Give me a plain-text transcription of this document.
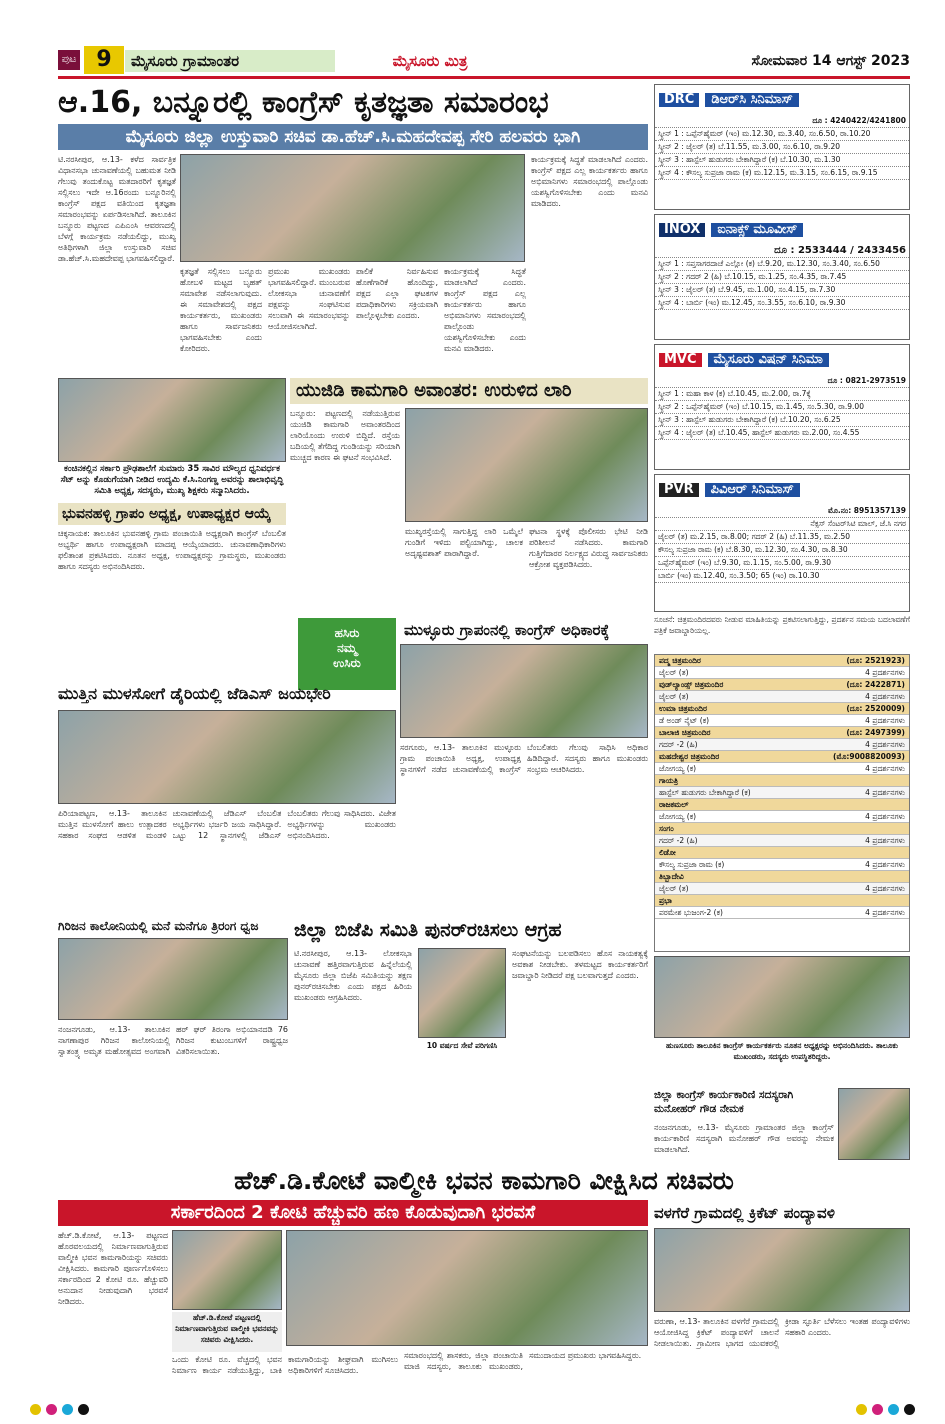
ಪುಟ 9	ಮೈಸೂರು ಗ್ರಾಮಾಂತರ	ಮೈಸೂರು ಮಿತ್ರ	ಸೋಮವಾರ 14 ಆಗಸ್ಟ್ 2023
ಆ.16, ಬನ್ನೂರಲ್ಲಿ ಕಾಂಗ್ರೆಸ್ ಕೃತಜ್ಞತಾ ಸಮಾರಂಭ
ಮೈಸೂರು ಜಿಲ್ಲಾ ಉಸ್ತುವಾರಿ ಸಚಿವ ಡಾ.ಹೆಚ್.ಸಿ.ಮಹದೇವಪ್ಪ ಸೇರಿ ಹಲವರು ಭಾಗಿ
ಟಿ.ನರಸೀಪುರ, ಆ.13- ಕಳೆದ ಸಾರ್ವತ್ರಿಕ ವಿಧಾನಸಭಾ ಚುನಾವಣೆಯಲ್ಲಿ ಬಹುಮತ ನೀಡಿ ಗೆಲುವು ತಂದುಕೊಟ್ಟ ಮತದಾರರಿಗೆ ಕೃತಜ್ಞತೆ ಸಲ್ಲಿಸಲು ಇದೇ ಆ.16ರಂದು ಬನ್ನೂರಿನಲ್ಲಿ ಕಾಂಗ್ರೆಸ್ ಪಕ್ಷದ ವತಿಯಿಂದ ಕೃತಜ್ಞತಾ ಸಮಾರಂಭವನ್ನು ಏರ್ಪಡಿಸಲಾಗಿದೆ. ತಾಲೂಕಿನ ಬನ್ನೂರು ಪಟ್ಟಣದ ಎಪಿಎಂಸಿ ಆವರಣದಲ್ಲಿ ಬೆಳಗ್ಗೆ ಕಾರ್ಯಕ್ರಮ ನಡೆಯಲಿದ್ದು, ಮುಖ್ಯ ಅತಿಥಿಗಳಾಗಿ ಜಿಲ್ಲಾ ಉಸ್ತುವಾರಿ ಸಚಿವ ಡಾ.ಹೆಚ್.ಸಿ.ಮಹದೇವಪ್ಪ ಭಾಗವಹಿಸಲಿದ್ದಾರೆ.
ಕೃತಜ್ಞತೆ ಸಲ್ಲಿಸಲು ಬನ್ನೂರು ಹೋಬಳಿ ಮಟ್ಟದ ಬೃಹತ್ ಸಮಾವೇಶ ನಡೆಸಲಾಗುವುದು. ಈ ಸಮಾವೇಶದಲ್ಲಿ ಪಕ್ಷದ ಕಾರ್ಯಕರ್ತರು, ಮುಖಂಡರು ಹಾಗೂ ಸಾರ್ವಜನಿಕರು ಭಾಗವಹಿಸಬೇಕು ಎಂದು ಕೋರಿದರು.
ಪ್ರಮುಖ ಮುಖಂಡರು ಭಾಗವಹಿಸಲಿದ್ದಾರೆ. ಮುಂಬರುವ ಲೋಕಸಭಾ ಚುನಾವಣೆಗೆ ಪಕ್ಷವನ್ನು ಸಂಘಟಿಸುವ ಸಲುವಾಗಿ ಈ ಸಮಾರಂಭವನ್ನು ಆಯೋಜಿಸಲಾಗಿದೆ.
ಪಾಲಿಕೆ ನಿರ್ವಹಿಸುವ ಹೊಣೆಗಾರಿಕೆ ಹೊಂದಿದ್ದು, ಪಕ್ಷದ ಎಲ್ಲಾ ಘಟಕಗಳ ಪದಾಧಿಕಾರಿಗಳು ಸಕ್ರಿಯವಾಗಿ ಪಾಲ್ಗೊಳ್ಳಬೇಕು ಎಂದರು.
ಕಾರ್ಯಕ್ರಮಕ್ಕೆ ಸಿದ್ಧತೆ ಮಾಡಲಾಗಿದೆ ಎಂದರು. ಕಾಂಗ್ರೆಸ್ ಪಕ್ಷದ ಎಲ್ಲ ಕಾರ್ಯಕರ್ತರು ಹಾಗೂ ಅಭಿಮಾನಿಗಳು ಸಮಾರಂಭದಲ್ಲಿ ಪಾಲ್ಗೊಂಡು ಯಶಸ್ವಿಗೊಳಿಸಬೇಕು ಎಂದು ಮನವಿ ಮಾಡಿದರು.
ಕಾರ್ಯಕ್ರಮಕ್ಕೆ ಸಿದ್ಧತೆ ಮಾಡಲಾಗಿದೆ ಎಂದರು. ಕಾಂಗ್ರೆಸ್ ಪಕ್ಷದ ಎಲ್ಲ ಕಾರ್ಯಕರ್ತರು ಹಾಗೂ ಅಭಿಮಾನಿಗಳು ಸಮಾರಂಭದಲ್ಲಿ ಪಾಲ್ಗೊಂಡು ಯಶಸ್ವಿಗೊಳಿಸಬೇಕು ಎಂದು ಮನವಿ ಮಾಡಿದರು.
ಕಂಚಿನಕಲ್ಲಿನ ಸರ್ಕಾರಿ ಪ್ರೌಢಶಾಲೆಗೆ ಸುಮಾರು 35 ಸಾವಿರ ಮೌಲ್ಯದ ಧ್ವನಿವರ್ಧಕ ಸೆಟ್ ಅನ್ನು ಕೊಡುಗೆಯಾಗಿ ನೀಡಿದ ಉದ್ಯಮಿ ಕೆ.ಸಿ.ನಿಂಗಣ್ಣ ಅವರನ್ನು ಶಾಲಾಭಿವೃದ್ಧಿ ಸಮಿತಿ ಅಧ್ಯಕ್ಷ, ಸದಸ್ಯರು, ಮುಖ್ಯ ಶಿಕ್ಷಕರು ಸನ್ಮಾನಿಸಿದರು.
ಯುಜಿಡಿ ಕಾಮಗಾರಿ ಅವಾಂತರ: ಉರುಳಿದ ಲಾರಿ
ಬನ್ನೂರು: ಪಟ್ಟಣದಲ್ಲಿ ನಡೆಯುತ್ತಿರುವ ಯುಜಿಡಿ ಕಾಮಗಾರಿ ಅವಾಂತರದಿಂದ ಲಾರಿಯೊಂದು ಉರುಳಿ ಬಿದ್ದಿದೆ. ರಸ್ತೆಯ ಬದಿಯಲ್ಲಿ ತೆಗೆದಿದ್ದ ಗುಂಡಿಯನ್ನು ಸರಿಯಾಗಿ ಮುಚ್ಚದ ಕಾರಣ ಈ ಘಟನೆ ಸಂಭವಿಸಿದೆ.
ಮುಖ್ಯರಸ್ತೆಯಲ್ಲಿ ಸಾಗುತ್ತಿದ್ದ ಲಾರಿ ಒಮ್ಮೆಲೆ ಗುಂಡಿಗೆ ಇಳಿದು ಪಲ್ಟಿಯಾಗಿದ್ದು, ಚಾಲಕ ಅದೃಷ್ಟವಶಾತ್ ಪಾರಾಗಿದ್ದಾರೆ.
ಘಟನಾ ಸ್ಥಳಕ್ಕೆ ಪೊಲೀಸರು ಭೇಟಿ ನೀಡಿ ಪರಿಶೀಲನೆ ನಡೆಸಿದರು. ಕಾಮಗಾರಿ ಗುತ್ತಿಗೆದಾರರ ನಿರ್ಲಕ್ಷ್ಯದ ವಿರುದ್ಧ ಸಾರ್ವಜನಿಕರು ಆಕ್ರೋಶ ವ್ಯಕ್ತಪಡಿಸಿದರು.
ಭುವನಹಳ್ಳಿ ಗ್ರಾಪಂ ಅಧ್ಯಕ್ಷ, ಉಪಾಧ್ಯಕ್ಷರ ಆಯ್ಕೆ
ಚಿಕ್ಕನಾಯಕ: ತಾಲೂಕಿನ ಭುವನಹಳ್ಳಿ ಗ್ರಾಮ ಪಂಚಾಯಿತಿ ಅಧ್ಯಕ್ಷರಾಗಿ ಕಾಂಗ್ರೆಸ್ ಬೆಂಬಲಿತ ಅಭ್ಯರ್ಥಿ ಹಾಗೂ ಉಪಾಧ್ಯಕ್ಷರಾಗಿ ಮಾದಪ್ಪ ಆಯ್ಕೆಯಾದರು. ಚುನಾವಣಾಧಿಕಾರಿಗಳು ಫಲಿತಾಂಶ ಪ್ರಕಟಿಸಿದರು. ನೂತನ ಅಧ್ಯಕ್ಷ, ಉಪಾಧ್ಯಕ್ಷರನ್ನು ಗ್ರಾಮಸ್ಥರು, ಮುಖಂಡರು ಹಾಗೂ ಸದಸ್ಯರು ಅಭಿನಂದಿಸಿದರು.
ಹಸಿರು
ನಮ್ಮ
ಉಸಿರು
ಮುಳ್ಳೂರು ಗ್ರಾಪಂನಲ್ಲಿ ಕಾಂಗ್ರೆಸ್ ಅಧಿಕಾರಕ್ಕೆ
ಸರಗೂರು, ಆ.13- ತಾಲೂಕಿನ ಮುಳ್ಳೂರು ಗ್ರಾಮ ಪಂಚಾಯಿತಿ ಅಧ್ಯಕ್ಷ, ಉಪಾಧ್ಯಕ್ಷ ಸ್ಥಾನಗಳಿಗೆ ನಡೆದ ಚುನಾವಣೆಯಲ್ಲಿ ಕಾಂಗ್ರೆಸ್ ಬೆಂಬಲಿತರು ಗೆಲುವು ಸಾಧಿಸಿ ಅಧಿಕಾರ ಹಿಡಿದಿದ್ದಾರೆ. ಸದಸ್ಯರು ಹಾಗೂ ಮುಖಂಡರು ಸಂಭ್ರಮ ಆಚರಿಸಿದರು.
ಮುತ್ತಿನ ಮುಳಸೋಗೆ ಡೈರಿಯಲ್ಲಿ ಜೆಡಿಎಸ್ ಜಯಭೇರಿ
ಪಿರಿಯಾಪಟ್ಟಣ, ಆ.13- ತಾಲೂಕಿನ ಮುತ್ತಿನ ಮುಳಸೋಗೆ ಹಾಲು ಉತ್ಪಾದಕರ ಸಹಕಾರ ಸಂಘದ ಆಡಳಿತ ಮಂಡಳಿ ಚುನಾವಣೆಯಲ್ಲಿ ಜೆಡಿಎಸ್ ಬೆಂಬಲಿತ ಅಭ್ಯರ್ಥಿಗಳು ಭರ್ಜರಿ ಜಯ ಸಾಧಿಸಿದ್ದಾರೆ. ಒಟ್ಟು 12 ಸ್ಥಾನಗಳಲ್ಲಿ ಜೆಡಿಎಸ್ ಬೆಂಬಲಿತರು ಗೆಲುವು ಸಾಧಿಸಿದರು. ವಿಜೇತ ಅಭ್ಯರ್ಥಿಗಳನ್ನು ಮುಖಂಡರು ಅಭಿನಂದಿಸಿದರು.
ಗಿರಿಜನ ಕಾಲೋನಿಯಲ್ಲಿ ಮನೆ ಮನೆಗೂ ತ್ರಿರಂಗ ಧ್ವಜ
ನಂಜನಗೂಡು, ಆ.13- ತಾಲೂಕಿನ ನಾಗಣಾಪುರ ಗಿರಿಜನ ಕಾಲೋನಿಯಲ್ಲಿ ಸ್ವಾತಂತ್ರ್ಯ ಅಮೃತ ಮಹೋತ್ಸವದ ಅಂಗವಾಗಿ ಹರ್ ಘರ್ ತಿರಂಗಾ ಅಭಿಯಾನದಡಿ 76 ಗಿರಿಜನ ಕುಟುಂಬಗಳಿಗೆ ರಾಷ್ಟ್ರಧ್ವಜ ವಿತರಿಸಲಾಯಿತು.
ಜಿಲ್ಲಾ ಬಿಜೆಪಿ ಸಮಿತಿ ಪುನರ್‌ರಚಿಸಲು ಆಗ್ರಹ
ಟಿ.ನರಸೀಪುರ, ಆ.13- ಲೋಕಸಭಾ ಚುನಾವಣೆ ಹತ್ತಿರವಾಗುತ್ತಿರುವ ಹಿನ್ನೆಲೆಯಲ್ಲಿ ಮೈಸೂರು ಜಿಲ್ಲಾ ಬಿಜೆಪಿ ಸಮಿತಿಯನ್ನು ತಕ್ಷಣ ಪುನರ್‌ರಚಿಸಬೇಕು ಎಂದು ಪಕ್ಷದ ಹಿರಿಯ ಮುಖಂಡರು ಆಗ್ರಹಿಸಿದರು.
10 ವರ್ಷದ ಸೇವೆ ಪರಿಗಣಿಸಿ
ಸಂಘಟನೆಯನ್ನು ಬಲಪಡಿಸಲು ಹೊಸ ನಾಯಕತ್ವಕ್ಕೆ ಅವಕಾಶ ನೀಡಬೇಕು. ತಳಮಟ್ಟದ ಕಾರ್ಯಕರ್ತರಿಗೆ ಜವಾಬ್ದಾರಿ ನೀಡಿದರೆ ಪಕ್ಷ ಬಲವಾಗುತ್ತದೆ ಎಂದರು.
DRC	ಡಿಆರ್‌ಸಿ ಸಿನಿಮಾಸ್
ದೂ : 4240422/4241800
ಸ್ಕ್ರೀನ್ 1 : ಒಪ್ಪೆನ್‌ಹೈಮರ್ (ಇಂ) ಮ.12.30, ಮ.3.40, ಸಂ.6.50, ರಾ.10.20
ಸ್ಕ್ರೀನ್ 2 : ಜೈಲರ್ (ತ) ಬೆ.11.55, ಮ.3.00, ಸಂ.6.10, ರಾ.9.20
ಸ್ಕ್ರೀನ್ 3 : ಹಾಸ್ಟೆಲ್ ಹುಡುಗರು ಬೇಕಾಗಿದ್ದಾರೆ (ಕ) ಬೆ.10.30, ಮ.1.30
ಸ್ಕ್ರೀನ್ 4 : ಕೌಸಲ್ಯ ಸುಪ್ರಜಾ ರಾಮ (ಕ) ಮ.12.15, ಮ.3.15, ಸಂ.6.15, ರಾ.9.15
INOX	ಐನಾಕ್ಸ್ ಮೂವೀಸ್
ದೂ : 2533444 / 2433456
ಸ್ಕ್ರೀನ್ 1 : ಸಪ್ತಸಾಗರದಾಚೆ ಎಲ್ಲೋ (ಕ) ಬೆ.9.20, ಮ.12.30, ಸಂ.3.40, ಸಂ.6.50
ಸ್ಕ್ರೀನ್ 2 : ಗದರ್ 2 (ಹಿ) ಬೆ.10.15, ಮ.1.25, ಸಂ.4.35, ರಾ.7.45
ಸ್ಕ್ರೀನ್ 3 : ಜೈಲರ್ (ತ) ಬೆ.9.45, ಮ.1.00, ಸಂ.4.15, ರಾ.7.30
ಸ್ಕ್ರೀನ್ 4 : ಬಾರ್ಬಿ (ಇಂ) ಮ.12.45, ಸಂ.3.55, ಸಂ.6.10, ರಾ.9.30
MVC	ಮೈಸೂರು ವಿಷನ್ ಸಿನಿಮಾ
ದೂ : 0821-2973519
ಸ್ಕ್ರೀನ್ 1 : ಮಹಾ ಕಾಳ (ಕ) ಬೆ.10.45, ಮ.2.00, ರಾ.7ಕ್ಕೆ
ಸ್ಕ್ರೀನ್ 2 : ಒಪ್ಪೆನ್‌ಹೈಮರ್ (ಇಂ) ಬೆ.10.15, ಮ.1.45, ಸಂ.5.30, ರಾ.9.00
ಸ್ಕ್ರೀನ್ 3 : ಹಾಸ್ಟೆಲ್ ಹುಡುಗರು ಬೇಕಾಗಿದ್ದಾರೆ (ಕ) ಬೆ.10.20, ಸಂ.6.25
ಸ್ಕ್ರೀನ್ 4 : ಜೈಲರ್ (ತ) ಬೆ.10.45, ಹಾಸ್ಟೆಲ್ ಹುಡುಗರು ಮ.2.00, ಸಂ.4.55
PVR	ಪಿವಿಆರ್ ಸಿನಿಮಾಸ್
ಮೊ.ನಂ: 8951357139
ನೆಕ್ಸಸ್ ಸೆಂಟರ್‌ಸಿಟಿ ಮಾಲ್, ಜೆ.ಸಿ ನಗರ
ಜೈಲರ್ (ತ) ಮ.2.15, ರಾ.8.00; ಗದರ್ 2 (ಹಿ) ಬೆ.11.35, ಮ.2.50
ಕೌಸಲ್ಯ ಸುಪ್ರಜಾ ರಾಮ (ಕ) ಬೆ.8.30, ಮ.12.30, ಸಂ.4.30, ರಾ.8.30
ಒಪ್ಪೆನ್‌ಹೈಮರ್ (ಇಂ) ಬೆ.9.30, ಮ.1.15, ಸಂ.5.00, ರಾ.9.30
ಬಾರ್ಬಿ (ಇಂ) ಮ.12.40, ಸಂ.3.50; 65 (ಇಂ) ರಾ.10.30
ಸೂಚನೆ: ಚಿತ್ರಮಂದಿರದವರು ನೀಡುವ ಮಾಹಿತಿಯನ್ನು ಪ್ರಕಟಿಸಲಾಗುತ್ತಿದ್ದು, ಪ್ರದರ್ಶನ ಸಮಯ ಬದಲಾವಣೆಗೆ ಪತ್ರಿಕೆ ಜವಾಬ್ದಾರಿಯಲ್ಲ.
ಪದ್ಮ ಚಿತ್ರಮಂದಿರ	(ದೂ: 2521923)
ಜೈಲರ್ (ತ)	4 ಪ್ರದರ್ಶನಗಳು
ವುಡ್‌ಲ್ಯಾಂಡ್ಸ್ ಚಿತ್ರಮಂದಿರ	(ದೂ: 2422871)
ಜೈಲರ್ (ತ)	4 ಪ್ರದರ್ಶನಗಳು
ಉಮಾ ಚಿತ್ರಮಂದಿರ	(ದೂ: 2520009)
ಡೆ ಅಂಡ್ ನೈಟ್ (ಕ)	4 ಪ್ರದರ್ಶನಗಳು
ಬಾಲಾಜಿ ಚಿತ್ರಮಂದಿರ	(ದೂ: 2497399)
ಗದರ್ -2 (ಹಿ)	4 ಪ್ರದರ್ಶನಗಳು
ಮಹದೇಶ್ವರ ಚಿತ್ರಮಂದಿರ	(ಮೊ:9008820093)
ಜೋಗಯ್ಯ (ಕ)	4 ಪ್ರದರ್ಶನಗಳು
ಗಾಯತ್ರಿ
ಹಾಸ್ಟೆಲ್ ಹುಡುಗರು ಬೇಕಾಗಿದ್ದಾರೆ (ಕ)	4 ಪ್ರದರ್ಶನಗಳು
ರಾಜಕಮಲ್
ಜೋಗಯ್ಯ (ಕ)	4 ಪ್ರದರ್ಶನಗಳು
ಸಂಗಂ
ಗದರ್ -2 (ಹಿ)	4 ಪ್ರದರ್ಶನಗಳು
ಲಿಡೋ
ಕೌಸಲ್ಯ ಸುಪ್ರಜಾ ರಾಮ (ಕ)	4 ಪ್ರದರ್ಶನಗಳು
ತಿಬ್ಬಾದೇವಿ
ಜೈಲರ್ (ತ)	4 ಪ್ರದರ್ಶನಗಳು
ಪ್ರಭಾ
ಪರಮೇಶ ಭುಜಂಗ-2 (ಕ)	4 ಪ್ರದರ್ಶನಗಳು
ಹುಣಸೂರು ತಾಲೂಕಿನ ಕಾಂಗ್ರೆಸ್ ಕಾರ್ಯಕರ್ತರು ನೂತನ ಅಧ್ಯಕ್ಷರನ್ನು ಅಭಿನಂದಿಸಿದರು. ತಾಲೂಕು ಮುಖಂಡರು, ಸದಸ್ಯರು ಉಪಸ್ಥಿತರಿದ್ದರು.
ಜಿಲ್ಲಾ ಕಾಂಗ್ರೆಸ್ ಕಾರ್ಯಕಾರಿಣಿ ಸದಸ್ಯರಾಗಿ ಮನೋಹರ್ ಗೌಡ ನೇಮಕ
ನಂಜನಗೂಡು, ಆ.13- ಮೈಸೂರು ಗ್ರಾಮಾಂತರ ಜಿಲ್ಲಾ ಕಾಂಗ್ರೆಸ್ ಕಾರ್ಯಕಾರಿಣಿ ಸದಸ್ಯರಾಗಿ ಮನೋಹರ್ ಗೌಡ ಅವರನ್ನು ನೇಮಕ ಮಾಡಲಾಗಿದೆ.
ಹೆಚ್.ಡಿ.ಕೋಟೆ ವಾಲ್ಮೀಕಿ ಭವನ ಕಾಮಗಾರಿ ವೀಕ್ಷಿಸಿದ ಸಚಿವರು
ಸರ್ಕಾರದಿಂದ 2 ಕೋಟಿ ಹೆಚ್ಚುವರಿ ಹಣ ಕೊಡುವುದಾಗಿ ಭರವಸೆ
ಹೆಚ್.ಡಿ.ಕೋಟೆ, ಆ.13- ಪಟ್ಟಣದ ಹೊರವಲಯದಲ್ಲಿ ನಿರ್ಮಾಣವಾಗುತ್ತಿರುವ ವಾಲ್ಮೀಕಿ ಭವನ ಕಾಮಗಾರಿಯನ್ನು ಸಚಿವರು ವೀಕ್ಷಿಸಿದರು. ಕಾಮಗಾರಿ ಪೂರ್ಣಗೊಳಿಸಲು ಸರ್ಕಾರದಿಂದ 2 ಕೋಟಿ ರೂ. ಹೆಚ್ಚುವರಿ ಅನುದಾನ ನೀಡುವುದಾಗಿ ಭರವಸೆ ನೀಡಿದರು.
ಹೆಚ್.ಡಿ.ಕೋಟೆ ಪಟ್ಟಣದಲ್ಲಿ ನಿರ್ಮಾಣವಾಗುತ್ತಿರುವ ವಾಲ್ಮೀಕಿ ಭವನವನ್ನು ಸಚಿವರು ವೀಕ್ಷಿಸಿದರು.
ಒಂದು ಕೋಟಿ ರೂ. ವೆಚ್ಚದಲ್ಲಿ ಭವನ ನಿರ್ಮಾಣ ಕಾರ್ಯ ನಡೆಯುತ್ತಿದ್ದು, ಬಾಕಿ ಕಾಮಗಾರಿಯನ್ನು ಶೀಘ್ರವಾಗಿ ಮುಗಿಸಲು ಅಧಿಕಾರಿಗಳಿಗೆ ಸೂಚಿಸಿದರು.
ಸಮಾರಂಭದಲ್ಲಿ ಶಾಸಕರು, ಜಿಲ್ಲಾ ಪಂಚಾಯಿತಿ ಮಾಜಿ ಸದಸ್ಯರು, ತಾಲೂಕು ಮುಖಂಡರು, ಸಮುದಾಯದ ಪ್ರಮುಖರು ಭಾಗವಹಿಸಿದ್ದರು.
ವಳಗೆರೆ ಗ್ರಾಮದಲ್ಲಿ ಕ್ರಿಕೆಟ್ ಪಂದ್ಯಾವಳಿ
ವರುಣಾ, ಆ.13- ತಾಲೂಕಿನ ವಳಗೆರೆ ಗ್ರಾಮದಲ್ಲಿ ಆಯೋಜಿಸಿದ್ದ ಕ್ರಿಕೆಟ್ ಪಂದ್ಯಾವಳಿಗೆ ಚಾಲನೆ ನೀಡಲಾಯಿತು. ಗ್ರಾಮೀಣ ಭಾಗದ ಯುವಕರಲ್ಲಿ ಕ್ರೀಡಾ ಸ್ಫೂರ್ತಿ ಬೆಳೆಸಲು ಇಂತಹ ಪಂದ್ಯಾವಳಿಗಳು ಸಹಕಾರಿ ಎಂದರು.
